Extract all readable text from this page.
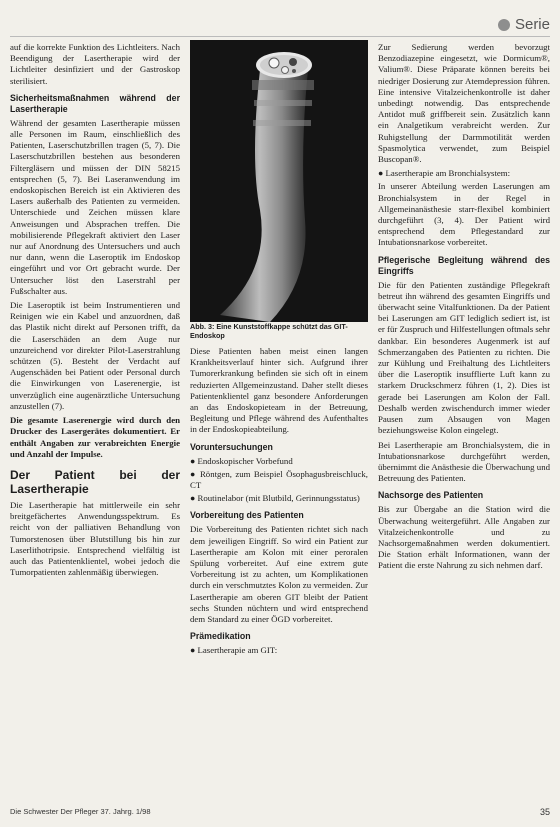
Serie

auf die korrekte Funktion des Lichtleiters. Nach Beendigung der Lasertherapie wird der Lichtleiter desinfiziert und der Gastroskop sterilisiert.

Sicherheitsmaßnahmen während der Lasertherapie

Während der gesamten Lasertherapie müssen alle Personen im Raum, einschließlich des Patienten, Laserschutzbrillen tragen (5, 7). Die Laserschutzbrillen bestehen aus besonderen Filtergläsern und müssen der DIN 58215 entsprechen (5, 7). Bei Laseranwendung im endoskopischen Bereich ist ein Aktivieren des Lasers außerhalb des Patienten zu vermeiden. Unterschiede und Zeichen müssen klare Anweisungen und Absprachen treffen. Die mobilisierende Pflegekraft aktiviert den Laser nur auf Anordnung des Untersuchers und auch nur dann, wenn die Laseroptik im Endoskop eingeführt und vor Ort gebracht wurde. Der Untersucher löst den Laserstrahl per Fußschalter aus.

Die Laseroptik ist beim Instrumentieren und Reinigen wie ein Kabel und anzuordnen, daß das Plastik nicht direkt auf Personen trifft, da die Laserschäden an dem Auge nur unzureichend vor direkter Pilot-Laserstrahlung schützen (5). Besteht der Verdacht auf Augenschäden bei Patient oder Personal durch die Einwirkungen von Laserenergie, ist unverzüglich eine augenärztliche Untersuchung anzustellen (7).

Die gesamte Laserenergie wird durch den Drucker des Lasergerätes dokumentiert. Er enthält Angaben zur verabreichten Energie und Anzahl der Impulse.

Der Patient bei der Lasertherapie

Die Lasertherapie hat mittlerweile ein sehr breitgefächertes Anwendungsspektrum. Es reicht von der palliativen Behandlung von Tumorstenosen über Blutstillung bis hin zur Laserlithotripsie. Entsprechend vielfältig ist auch das Patientenklientel, wobei jedoch die Tumorpatienten zahlenmäßig überwiegen.

Abb. 3: Eine Kunststoffkappe schützt das GIT-Endoskop

Diese Patienten haben meist einen langen Krankheitsverlauf hinter sich. Aufgrund ihrer Tumorerkrankung befinden sie sich oft in einem reduzierten Allgemeinzustand. Daher stellt dieses Patientenklientel ganz besondere Anforderungen an das Endoskopieteam in der Betreuung, Begleitung und Pflege während des Aufenthaltes in der Endoskopieabteilung.

Voruntersuchungen

● Endoskopischer Vorbefund

● Röntgen, zum Beispiel Ösophagusbreischluck, CT

● Routinelabor (mit Blutbild, Gerinnungsstatus)

Vorbereitung des Patienten

Die Vorbereitung des Patienten richtet sich nach dem jeweiligen Eingriff. So wird ein Patient zur Lasertherapie am Kolon mit einer peroralen Spülung vorbereitet. Auf eine extrem gute Vorbereitung ist zu achten, um Komplikationen durch ein verschmutztes Kolon zu vermeiden. Zur Lasertherapie am oberen GIT bleibt der Patient sechs Stunden nüchtern und wird entsprechend dem Standard zu einer ÖGD vorbereitet.

Prämedikation

● Lasertherapie am GIT:

Zur Sedierung werden bevorzugt Benzodiazepine eingesetzt, wie Dormicum®, Valium®. Diese Präparate können bereits bei niedriger Dosierung zur Atemdepression führen. Eine intensive Vitalzeichenkontrolle ist daher unbedingt notwendig. Das entsprechende Antidot muß griffbereit sein. Zusätzlich kann ein Analgetikum verabreicht werden. Zur Ruhigstellung der Darmmotilität werden Spasmolytica verwendet, zum Beispiel Buscopan®.

● Lasertherapie am Bronchialsystem:

In unserer Abteilung werden Laserungen am Bronchialsystem in der Regel in Allgemeinanästhesie starr-flexibel kombiniert durchgeführt (3, 4). Der Patient wird entsprechend dem Pflegestandard zur Intubationsnarkose vorbereitet.

Pflegerische Begleitung während des Eingriffs

Die für den Patienten zuständige Pflegekraft betreut ihn während des gesamten Eingriffs und überwacht seine Vitalfunktionen. Da der Patient bei Laserungen am GIT lediglich sediert ist, ist er für Zuspruch und Hilfestellungen oftmals sehr dankbar. Ein besonderes Augenmerk ist auf Schmerzangaben des Patienten zu richten. Die zur Kühlung und Freihaltung des Lichtleiters über die Laseroptik insufflierte Luft kann zu starkem Druckschmerz führen (1, 2). Dies ist gerade bei Laserungen am Kolon der Fall. Deshalb werden zwischendurch immer wieder Pausen zum Absaugen von Magen beziehungsweise Kolon eingelegt.

Bei Lasertherapie am Bronchialsystem, die in Intubationsnarkose durchgeführt werden, übernimmt die Anästhesie die Überwachung und Betreuung des Patienten.

Nachsorge des Patienten

Bis zur Übergabe an die Station wird die Überwachung weitergeführt. Alle Angaben zur Vitalzeichenkontrolle und zu Nachsorgemaßnahmen werden dokumentiert. Die Station erhält Informationen, wann der Patient die erste Nahrung zu sich nehmen darf.

Die Schwester Der Pfleger 37. Jahrg. 1/98	35
